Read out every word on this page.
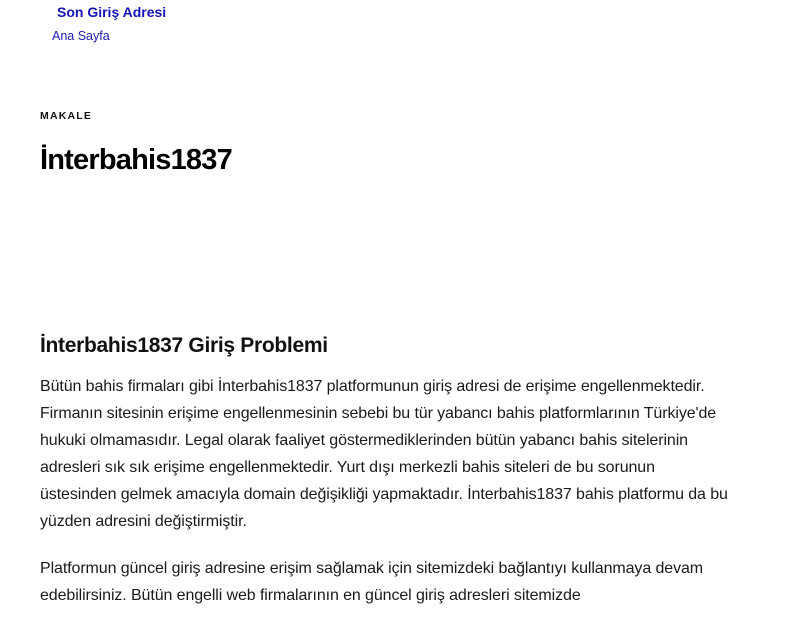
Son Giriş Adresi
Ana Sayfa
MAKALE
İnterbahis1837
İnterbahis1837 Giriş Problemi

Bütün bahis firmaları gibi İnterbahis1837 platformunun giriş adresi de erişime engellenmektedir. Firmanın sitesinin erişime engellenmesinin sebebi bu tür yabancı bahis platformlarının Türkiye'de hukuki olmamasıdır. Legal olarak faaliyet göstermediklerinden bütün yabancı bahis sitelerinin adresleri sık sık erişime engellenmektedir. Yurt dışı merkezli bahis siteleri de bu sorunun üstesinden gelmek amacıyla domain değişikliği yapmaktadır. İnterbahis1837 bahis platformu da bu yüzden adresini değiştirmiştir.

Platformun güncel giriş adresine erişim sağlamak için sitemizdeki bağlantıyı kullanmaya devam edebilirsiniz. Bütün engelli web firmalarının en güncel giriş adresleri sitemizde
